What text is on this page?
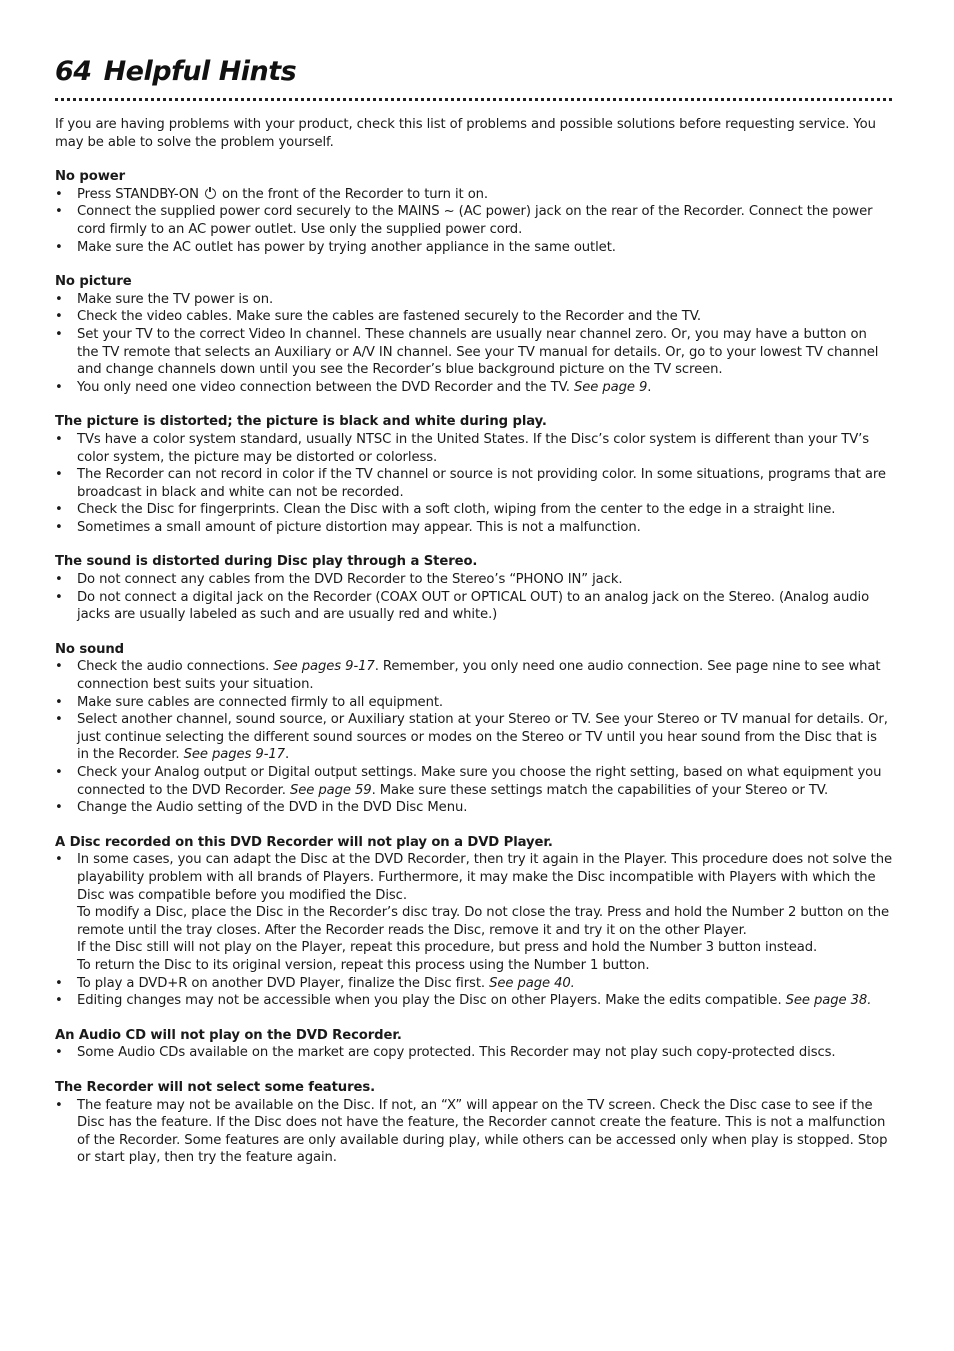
64 Helpful Hints

If you are having problems with your product, check this list of problems and possible solutions before requesting service. You may be able to solve the problem yourself.

No power

• Press STANDBY-ON on the front of the Recorder to turn it on.
• Connect the supplied power cord securely to the MAINS ~ (AC power) jack on the rear of the Recorder. Connect the power cord firmly to an AC power outlet. Use only the supplied power cord.
• Make sure the AC outlet has power by trying another appliance in the same outlet.

No picture

• Make sure the TV power is on.
• Check the video cables. Make sure the cables are fastened securely to the Recorder and the TV.
• Set your TV to the correct Video In channel. These channels are usually near channel zero. Or, you may have a button on the TV remote that selects an Auxiliary or A/V IN channel. See your TV manual for details. Or, go to your lowest TV channel and change channels down until you see the Recorder’s blue background picture on the TV screen.
• You only need one video connection between the DVD Recorder and the TV. See page 9.

The picture is distorted; the picture is black and white during play.

• TVs have a color system standard, usually NTSC in the United States. If the Disc’s color system is different than your TV’s color system, the picture may be distorted or colorless.
• The Recorder can not record in color if the TV channel or source is not providing color. In some situations, programs that are broadcast in black and white can not be recorded.
• Check the Disc for fingerprints. Clean the Disc with a soft cloth, wiping from the center to the edge in a straight line.
• Sometimes a small amount of picture distortion may appear. This is not a malfunction.

The sound is distorted during Disc play through a Stereo.

• Do not connect any cables from the DVD Recorder to the Stereo’s “PHONO IN” jack.
• Do not connect a digital jack on the Recorder (COAX OUT or OPTICAL OUT) to an analog jack on the Stereo. (Analog audio jacks are usually labeled as such and are usually red and white.)

No sound

• Check the audio connections. See pages 9-17. Remember, you only need one audio connection. See page nine to see what connection best suits your situation.
• Make sure cables are connected firmly to all equipment.
• Select another channel, sound source, or Auxiliary station at your Stereo or TV. See your Stereo or TV manual for details. Or, just continue selecting the different sound sources or modes on the Stereo or TV until you hear sound from the Disc that is in the Recorder. See pages 9-17.
• Check your Analog output or Digital output settings. Make sure you choose the right setting, based on what equipment you connected to the DVD Recorder. See page 59. Make sure these settings match the capabilities of your Stereo or TV.
• Change the Audio setting of the DVD in the DVD Disc Menu.

A Disc recorded on this DVD Recorder will not play on a DVD Player.

• In some cases, you can adapt the Disc at the DVD Recorder, then try it again in the Player. This procedure does not solve the playability problem with all brands of Players. Furthermore, it may make the Disc incompatible with Players with which the Disc was compatible before you modified the Disc.
To modify a Disc, place the Disc in the Recorder’s disc tray. Do not close the tray. Press and hold the Number 2 button on the remote until the tray closes. After the Recorder reads the Disc, remove it and try it on the other Player.
If the Disc still will not play on the Player, repeat this procedure, but press and hold the Number 3 button instead.
To return the Disc to its original version, repeat this process using the Number 1 button.
• To play a DVD+R on another DVD Player, finalize the Disc first. See page 40.
• Editing changes may not be accessible when you play the Disc on other Players. Make the edits compatible. See page 38.

An Audio CD will not play on the DVD Recorder.

• Some Audio CDs available on the market are copy protected. This Recorder may not play such copy-protected discs.

The Recorder will not select some features.

• The feature may not be available on the Disc. If not, an “X” will appear on the TV screen. Check the Disc case to see if the Disc has the feature. If the Disc does not have the feature, the Recorder cannot create the feature. This is not a malfunction of the Recorder. Some features are only available during play, while others can be accessed only when play is stopped. Stop or start play, then try the feature again.
